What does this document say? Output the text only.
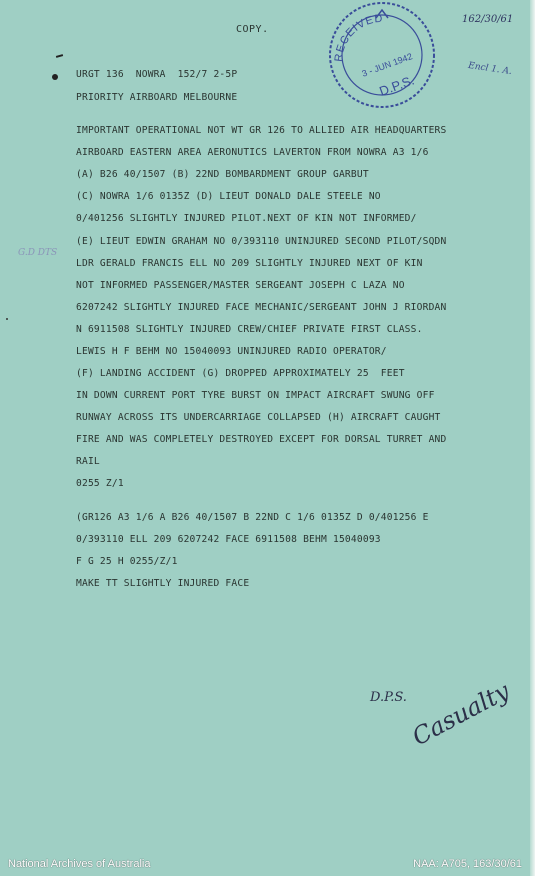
COPY.
RECEIVED
3 - JUN 1942
D.P.S.
162/30/61
Encl 1. A.
G.D DTS
URGT 136  NOWRA  152/7 2-5P
PRIORITY AIRBOARD MELBOURNE
IMPORTANT OPERATIONAL NOT WT GR 126 TO ALLIED AIR HEADQUARTERS
AIRBOARD EASTERN AREA AERONUTICS LAVERTON FROM NOWRA A3 1/6
(A) B26 40/1507 (B) 22ND BOMBARDMENT GROUP GARBUT
(C) NOWRA 1/6 0135Z (D) LIEUT DONALD DALE STEELE NO
0/401256 SLIGHTLY INJURED PILOT.NEXT OF KIN NOT INFORMED/
(E) LIEUT EDWIN GRAHAM NO 0/393110 UNINJURED SECOND PILOT/SQDN
LDR GERALD FRANCIS ELL NO 209 SLIGHTLY INJURED NEXT OF KIN
NOT INFORMED PASSENGER/MASTER SERGEANT JOSEPH C LAZA NO
6207242 SLIGHTLY INJURED FACE MECHANIC/SERGEANT JOHN J RIORDAN
N 6911508 SLIGHTLY INJURED CREW/CHIEF PRIVATE FIRST CLASS.
LEWIS H F BEHM NO 15040093 UNINJURED RADIO OPERATOR/
(F) LANDING ACCIDENT (G) DROPPED APPROXIMATELY 25  FEET
IN DOWN CURRENT PORT TYRE BURST ON IMPACT AIRCRAFT SWUNG OFF
RUNWAY ACROSS ITS UNDERCARRIAGE COLLAPSED (H) AIRCRAFT CAUGHT
FIRE AND WAS COMPLETELY DESTROYED EXCEPT FOR DORSAL TURRET AND
RAIL
0255 Z/1
(GR126 A3 1/6 A B26 40/1507 B 22ND C 1/6 0135Z D 0/401256 E
0/393110 ELL 209 6207242 FACE 6911508 BEHM 15040093
F G 25 H 0255/Z/1
MAKE TT SLIGHTLY INJURED FACE
D.P.S. Casualty
National Archives of Australia	NAA: A705, 163/30/61
